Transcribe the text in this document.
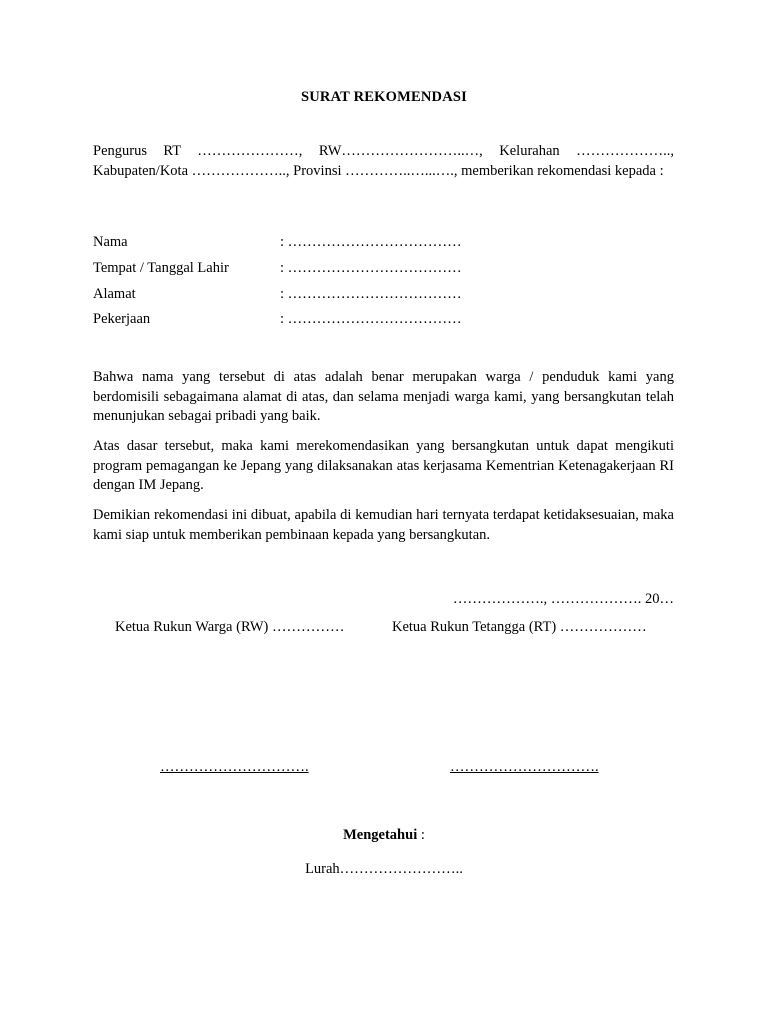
SURAT REKOMENDASI

Pengurus RT …………………, RW……………………..…, Kelurahan ……………….., Kabupaten/Kota ……………….., Provinsi …………..…...…., memberikan rekomendasi kepada :

Nama	: ………………………………
Tempat / Tanggal Lahir	: ………………………………
Alamat	: ………………………………
Pekerjaan	: ………………………………

Bahwa nama yang tersebut di atas adalah benar merupakan warga / penduduk kami yang berdomisili sebagaimana alamat di atas, dan selama menjadi warga kami, yang bersangkutan telah menunjukan sebagai pribadi yang baik.

Atas dasar tersebut, maka kami merekomendasikan yang bersangkutan untuk dapat mengikuti program pemagangan ke Jepang yang dilaksanakan atas kerjasama Kementrian Ketenagakerjaan RI dengan IM Jepang.

Demikian rekomendasi ini dibuat, apabila di kemudian hari ternyata terdapat ketidaksesuaian, maka kami siap untuk memberikan pembinaan kepada yang bersangkutan.

………………., ………………. 20…
Ketua Rukun Warga (RW) ……………	Ketua Rukun Tetangga (RT) ………………
………………………….	………………………….
Mengetahui :
Lurah……………………..
